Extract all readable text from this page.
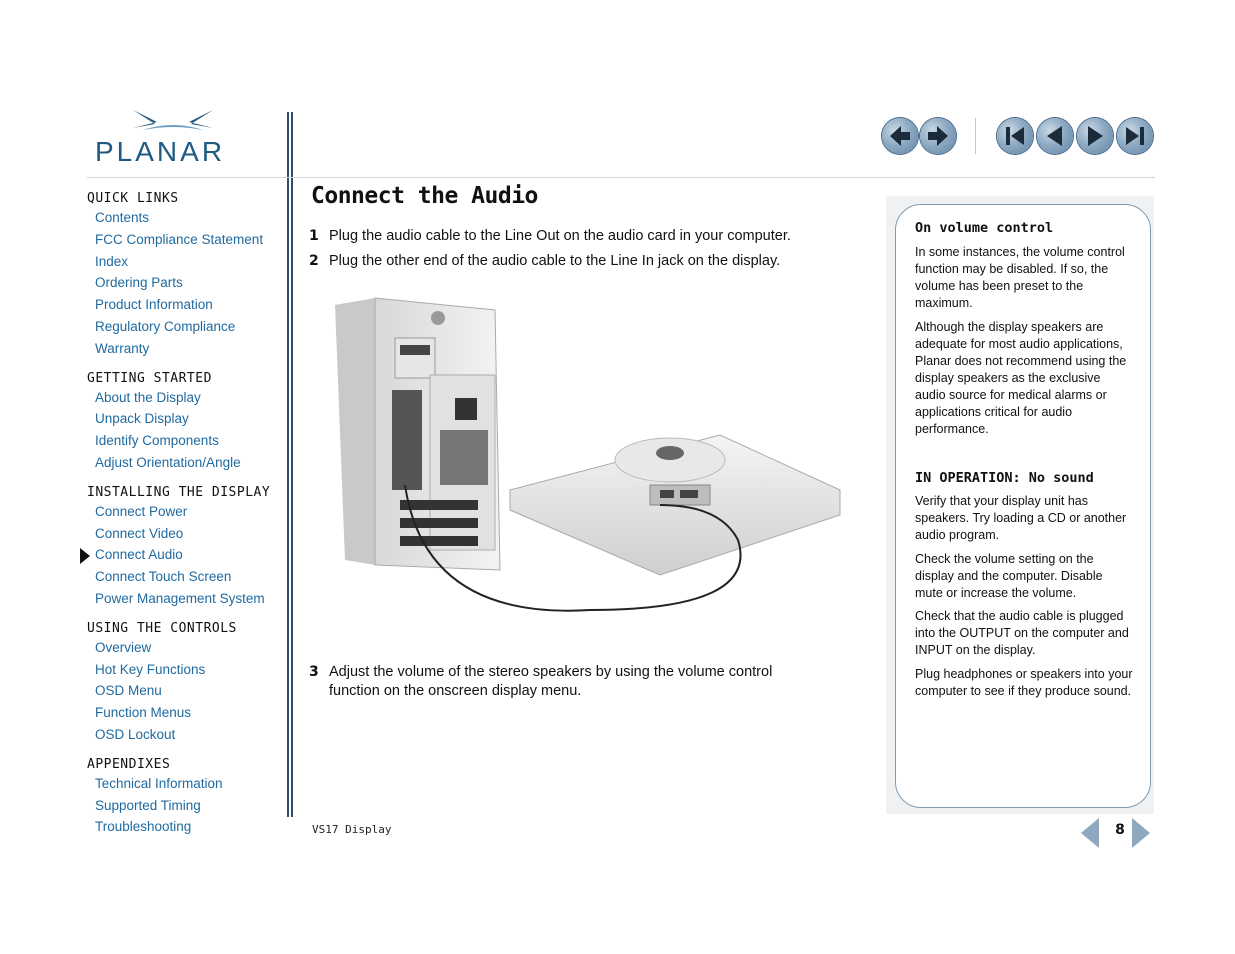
PLANAR
QUICK LINKS
Contents
FCC Compliance Statement
Index
Ordering Parts
Product Information
Regulatory Compliance
Warranty
GETTING STARTED
About the Display
Unpack Display
Identify Components
Adjust Orientation/Angle
INSTALLING THE DISPLAY
Connect Power
Connect Video
Connect Audio
Connect Touch Screen
Power Management System
USING THE CONTROLS
Overview
Hot Key Functions
OSD Menu
Function Menus
OSD Lockout
APPENDIXES
Technical Information
Supported Timing
Troubleshooting
Connect the Audio
1 Plug the audio cable to the Line Out on the audio card in your computer.
2 Plug the other end of the audio cable to the Line In jack on the display.
3 Adjust the volume of the stereo speakers by using the volume control function on the onscreen display menu.
On volume control
In some instances, the volume control function may be disabled. If so, the volume has been preset to the maximum.
Although the display speakers are adequate for most audio applications, Planar does not recommend using the display speakers as the exclusive audio source for medical alarms or applications critical for audio performance.
IN OPERATION: No sound
Verify that your display unit has speakers. Try loading a CD or another audio program.
Check the volume setting on the display and the computer. Disable mute or increase the volume.
Check that the audio cable is plugged into the OUTPUT on the computer and INPUT on the display.
Plug headphones or speakers into your computer to see if they produce sound.
VS17 Display	8
